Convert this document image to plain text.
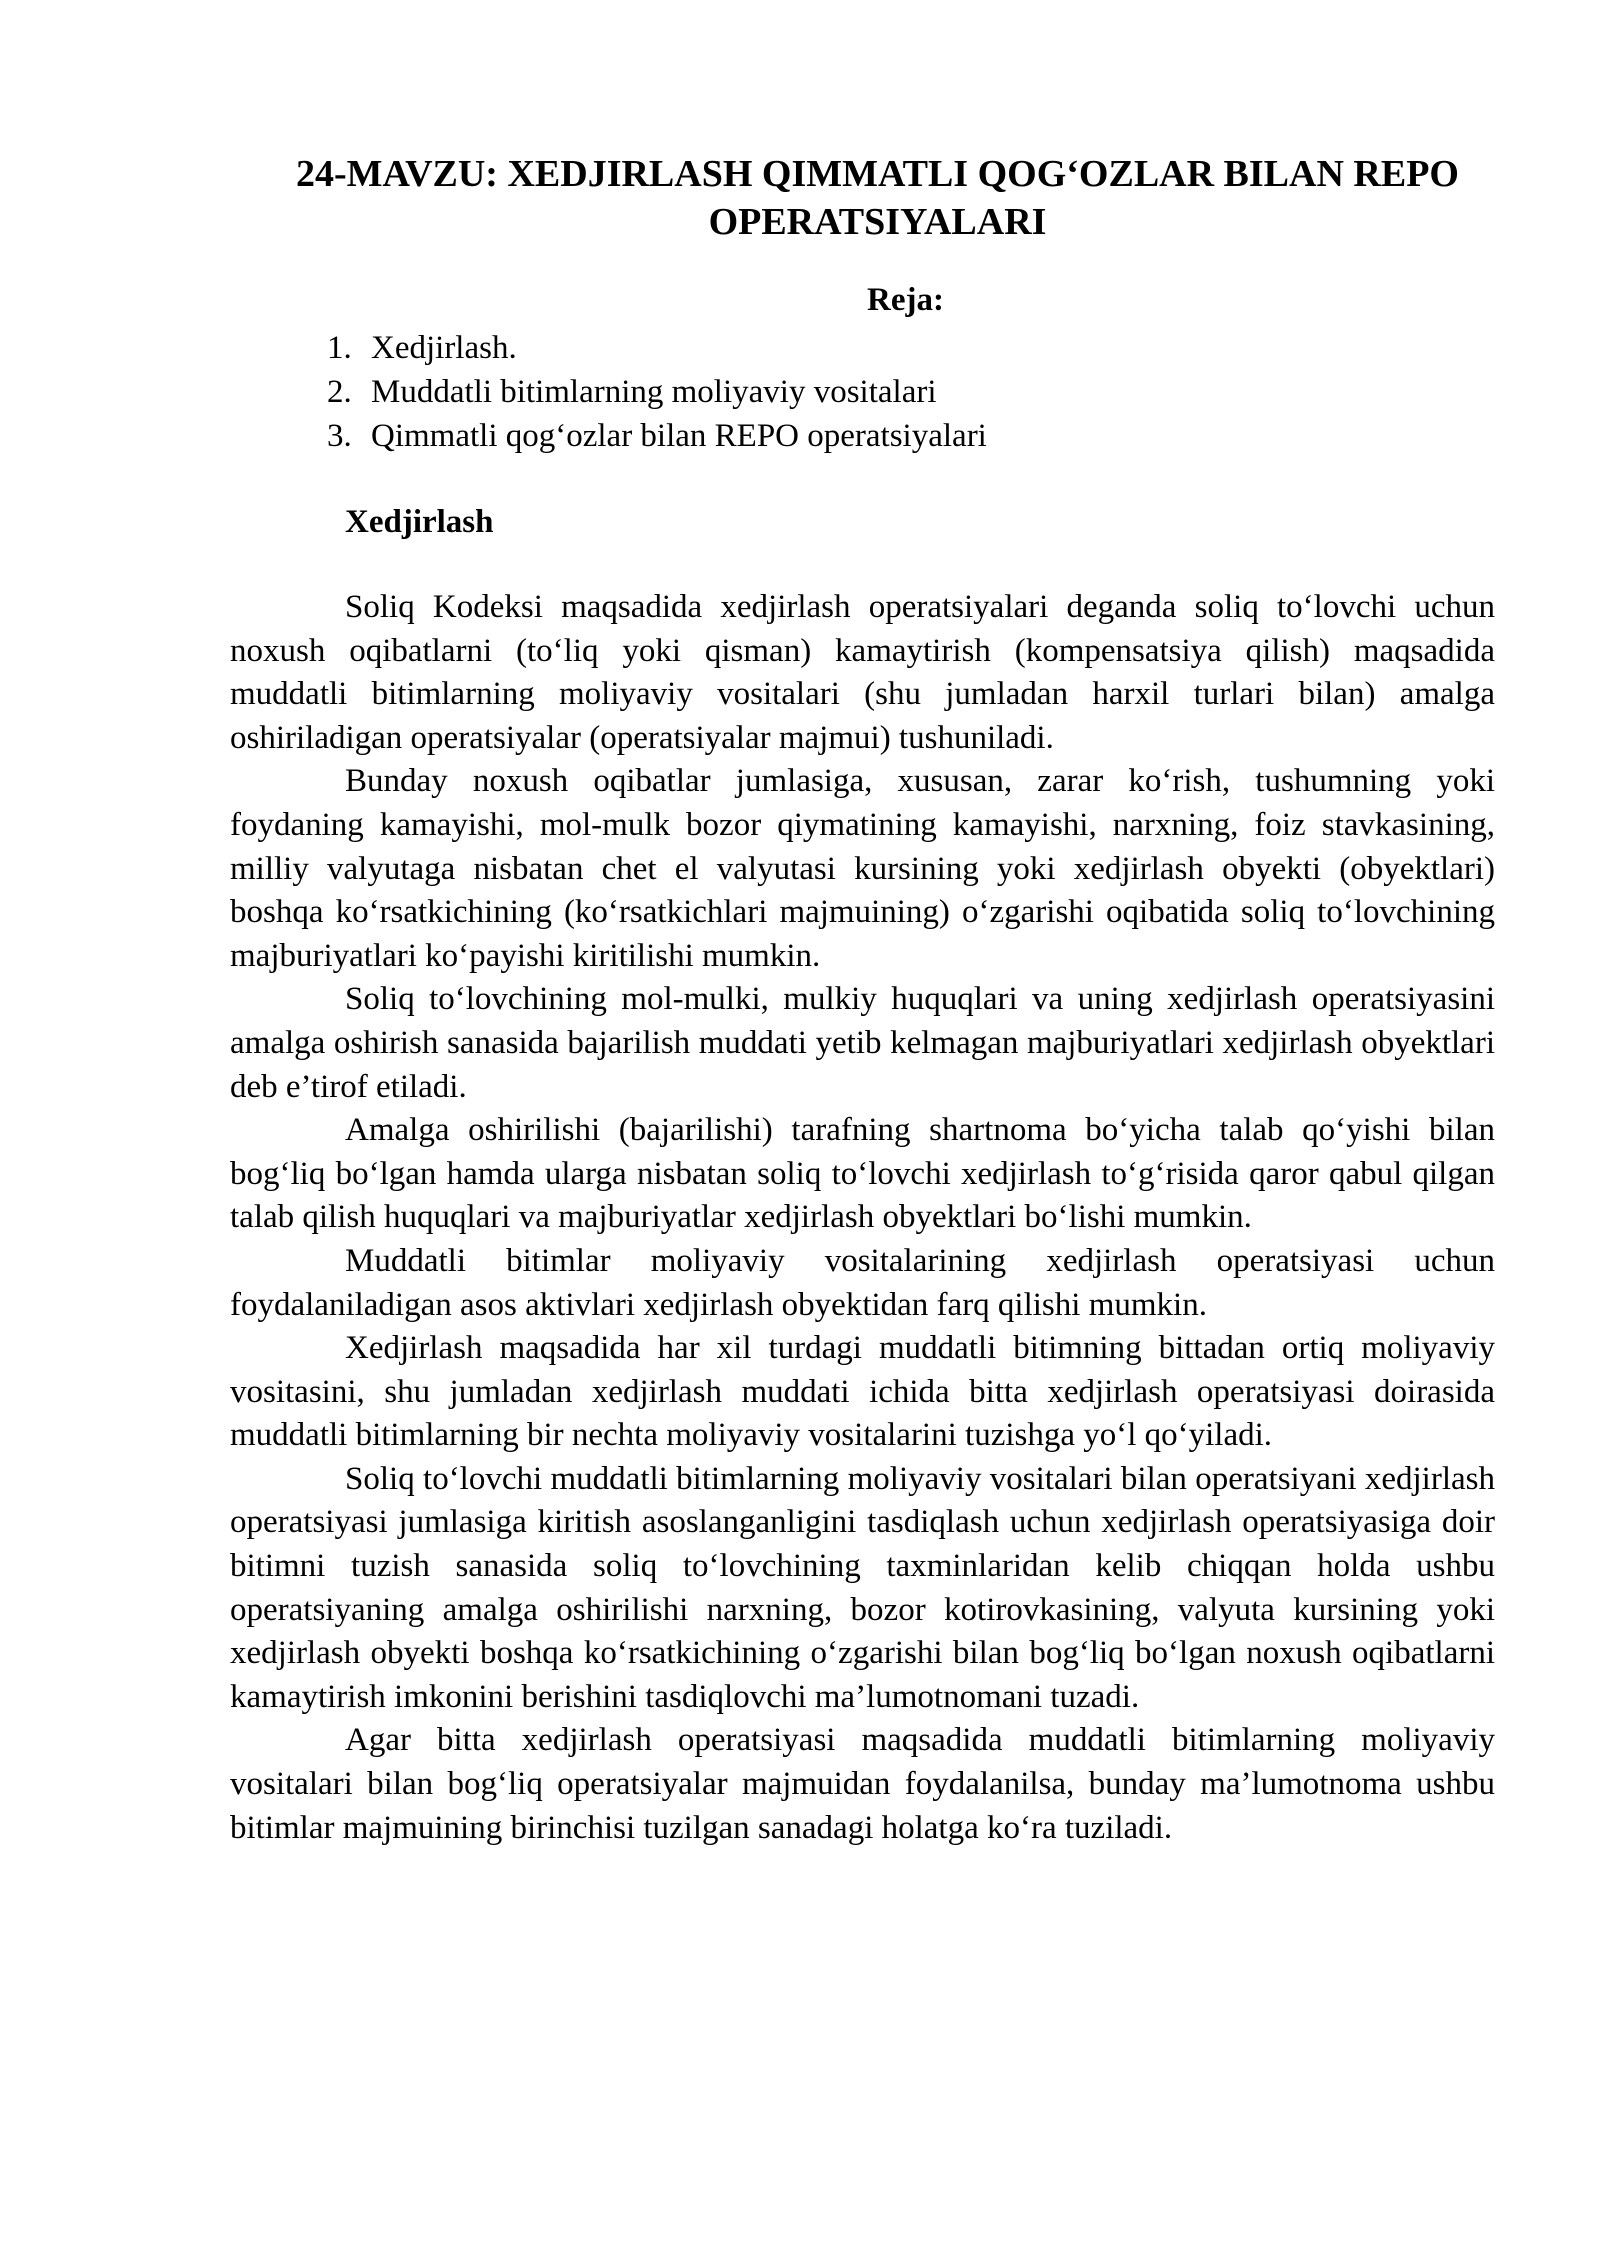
24-MAVZU: XEDJIRLASH QIMMATLI QOG‘OZLAR BILAN REPO OPERATSIYALARI
Reja:
1. Xedjirlash.
2. Muddatli bitimlarning moliyaviy vositalari
3. Qimmatli qog‘ozlar bilan REPO operatsiyalari
Xedjirlash

Soliq Kodeksi maqsadida xedjirlash operatsiyalari deganda soliq to‘lovchi uchun noxush oqibatlarni (to‘liq yoki qisman) kamaytirish (kompensatsiya qilish) maqsadida muddatli bitimlarning moliyaviy vositalari (shu jumladan harxil turlari bilan) amalga oshiriladigan operatsiyalar (operatsiyalar majmui) tushuniladi.

Bunday noxush oqibatlar jumlasiga, xususan, zarar ko‘rish, tushumning yoki foydaning kamayishi, mol-mulk bozor qiymatining kamayishi, narxning, foiz stavkasining, milliy valyutaga nisbatan chet el valyutasi kursining yoki xedjirlash obyekti (obyektlari) boshqa ko‘rsatkichining (ko‘rsatkichlari majmuining) o‘zgarishi oqibatida soliq to‘lovchining majburiyatlari ko‘payishi kiritilishi mumkin.

Soliq to‘lovchining mol-mulki, mulkiy huquqlari va uning xedjirlash operatsiyasini amalga oshirish sanasida bajarilish muddati yetib kelmagan majburiyatlari xedjirlash obyektlari deb e’tirof etiladi.

Amalga oshirilishi (bajarilishi) tarafning shartnoma bo‘yicha talab qo‘yishi bilan bog‘liq bo‘lgan hamda ularga nisbatan soliq to‘lovchi xedjirlash to‘g‘risida qaror qabul qilgan talab qilish huquqlari va majburiyatlar xedjirlash obyektlari bo‘lishi mumkin.

Muddatli bitimlar moliyaviy vositalarining xedjirlash operatsiyasi uchun foydalaniladigan asos aktivlari xedjirlash obyektidan farq qilishi mumkin.

Xedjirlash maqsadida har xil turdagi muddatli bitimning bittadan ortiq moliyaviy vositasini, shu jumladan xedjirlash muddati ichida bitta xedjirlash operatsiyasi doirasida muddatli bitimlarning bir nechta moliyaviy vositalarini tuzishga yo‘l qo‘yiladi.

Soliq to‘lovchi muddatli bitimlarning moliyaviy vositalari bilan operatsiyani xedjirlash operatsiyasi jumlasiga kiritish asoslanganligini tasdiqlash uchun xedjirlash operatsiyasiga doir bitimni tuzish sanasida soliq to‘lovchining taxminlaridan kelib chiqqan holda ushbu operatsiyaning amalga oshirilishi narxning, bozor kotirovkasining, valyuta kursining yoki xedjirlash obyekti boshqa ko‘rsatkichining o‘zgarishi bilan bog‘liq bo‘lgan noxush oqibatlarni kamaytirish imkonini berishini tasdiqlovchi ma’lumotnomani tuzadi.

Agar bitta xedjirlash operatsiyasi maqsadida muddatli bitimlarning moliyaviy vositalari bilan bog‘liq operatsiyalar majmuidan foydalanilsa, bunday ma’lumotnoma ushbu bitimlar majmuining birinchisi tuzilgan sanadagi holatga ko‘ra tuziladi.
